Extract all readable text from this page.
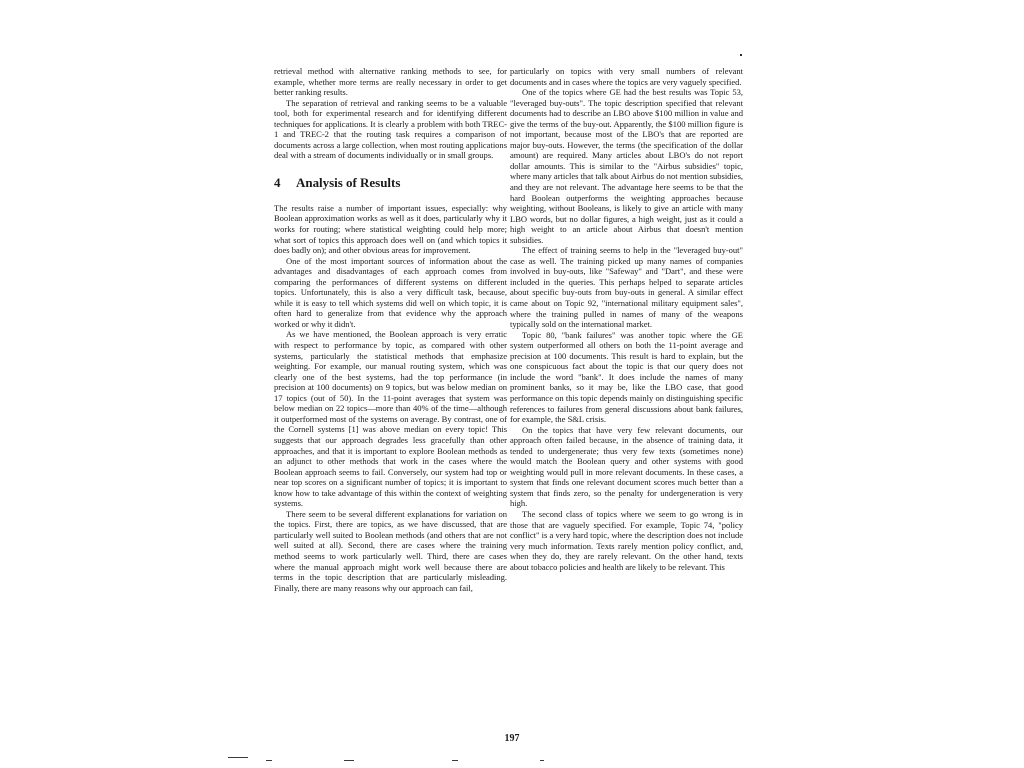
retrieval method with alternative ranking methods to see, for example, whether more terms are really necessary in order to get better ranking results.

The separation of retrieval and ranking seems to be a valuable tool, both for experimental research and for identifying different techniques for applications. It is clearly a problem with both TREC-1 and TREC-2 that the routing task requires a comparison of documents across a large collection, when most routing applications deal with a stream of documents individually or in small groups.

4 Analysis of Results

The results raise a number of important issues, especially: why Boolean approximation works as well as it does, particularly why it works for routing; where statistical weighting could help more; what sort of topics this approach does well on (and which topics it does badly on); and other obvious areas for improvement.

One of the most important sources of information about the advantages and disadvantages of each approach comes from comparing the performances of different systems on different topics. Unfortunately, this is also a very difficult task, because, while it is easy to tell which systems did well on which topic, it is often hard to generalize from that evidence why the approach worked or why it didn't.

As we have mentioned, the Boolean approach is very erratic with respect to performance by topic, as compared with other systems, particularly the statistical methods that emphasize weighting. For example, our manual routing system, which was clearly one of the best systems, had the top performance (in precision at 100 documents) on 9 topics, but was below median on 17 topics (out of 50). In the 11-point averages that system was below median on 22 topics—more than 40% of the time—although it outperformed most of the systems on average. By contrast, one of the Cornell systems [1] was above median on every topic! This suggests that our approach degrades less gracefully than other approaches, and that it is important to explore Boolean methods as an adjunct to other methods that work in the cases where the Boolean approach seems to fail. Conversely, our system had top or near top scores on a significant number of topics; it is important to know how to take advantage of this within the context of weighting systems.

There seem to be several different explanations for variation on the topics. First, there are topics, as we have discussed, that are particularly well suited to Boolean methods (and others that are not well suited at all). Second, there are cases where the training method seems to work particularly well. Third, there are cases where the manual approach might work well because there are terms in the topic description that are particularly misleading. Finally, there are many reasons why our approach can fail,

particularly on topics with very small numbers of relevant documents and in cases where the topics are very vaguely specified.

One of the topics where GE had the best results was Topic 53, "leveraged buy-outs". The topic description specified that relevant documents had to describe an LBO above $100 million in value and give the terms of the buy-out. Apparently, the $100 million figure is not important, because most of the LBO's that are reported are major buy-outs. However, the terms (the specification of the dollar amount) are required. Many articles about LBO's do not report dollar amounts. This is similar to the "Airbus subsidies" topic, where many articles that talk about Airbus do not mention subsidies, and they are not relevant. The advantage here seems to be that the hard Boolean outperforms the weighting approaches because weighting, without Booleans, is likely to give an article with many LBO words, but no dollar figures, a high weight, just as it could a high weight to an article about Airbus that doesn't mention subsidies.

The effect of training seems to help in the "leveraged buy-out" case as well. The training picked up many names of companies involved in buy-outs, like "Safeway" and "Dart", and these were included in the queries. This perhaps helped to separate articles about specific buy-outs from buy-outs in general. A similar effect came about on Topic 92, "international military equipment sales", where the training pulled in names of many of the weapons typically sold on the international market.

Topic 80, "bank failures" was another topic where the GE system outperformed all others on both the 11-point average and precision at 100 documents. This result is hard to explain, but the one conspicuous fact about the topic is that our query does not include the word "bank". It does include the names of many prominent banks, so it may be, like the LBO case, that good performance on this topic depends mainly on distinguishing specific references to failures from general discussions about bank failures, for example, the S&L crisis.

On the topics that have very few relevant documents, our approach often failed because, in the absence of training data, it tended to undergenerate; thus very few texts (sometimes none) would match the Boolean query and other systems with good weighting would pull in more relevant documents. In these cases, a system that finds one relevant document scores much better than a system that finds zero, so the penalty for undergeneration is very high.

The second class of topics where we seem to go wrong is in those that are vaguely specified. For example, Topic 74, "policy conflict" is a very hard topic, where the description does not include very much information. Texts rarely mention policy conflict, and, when they do, they are rarely relevant. On the other hand, texts about tobacco policies and health are likely to be relevant. This

197
